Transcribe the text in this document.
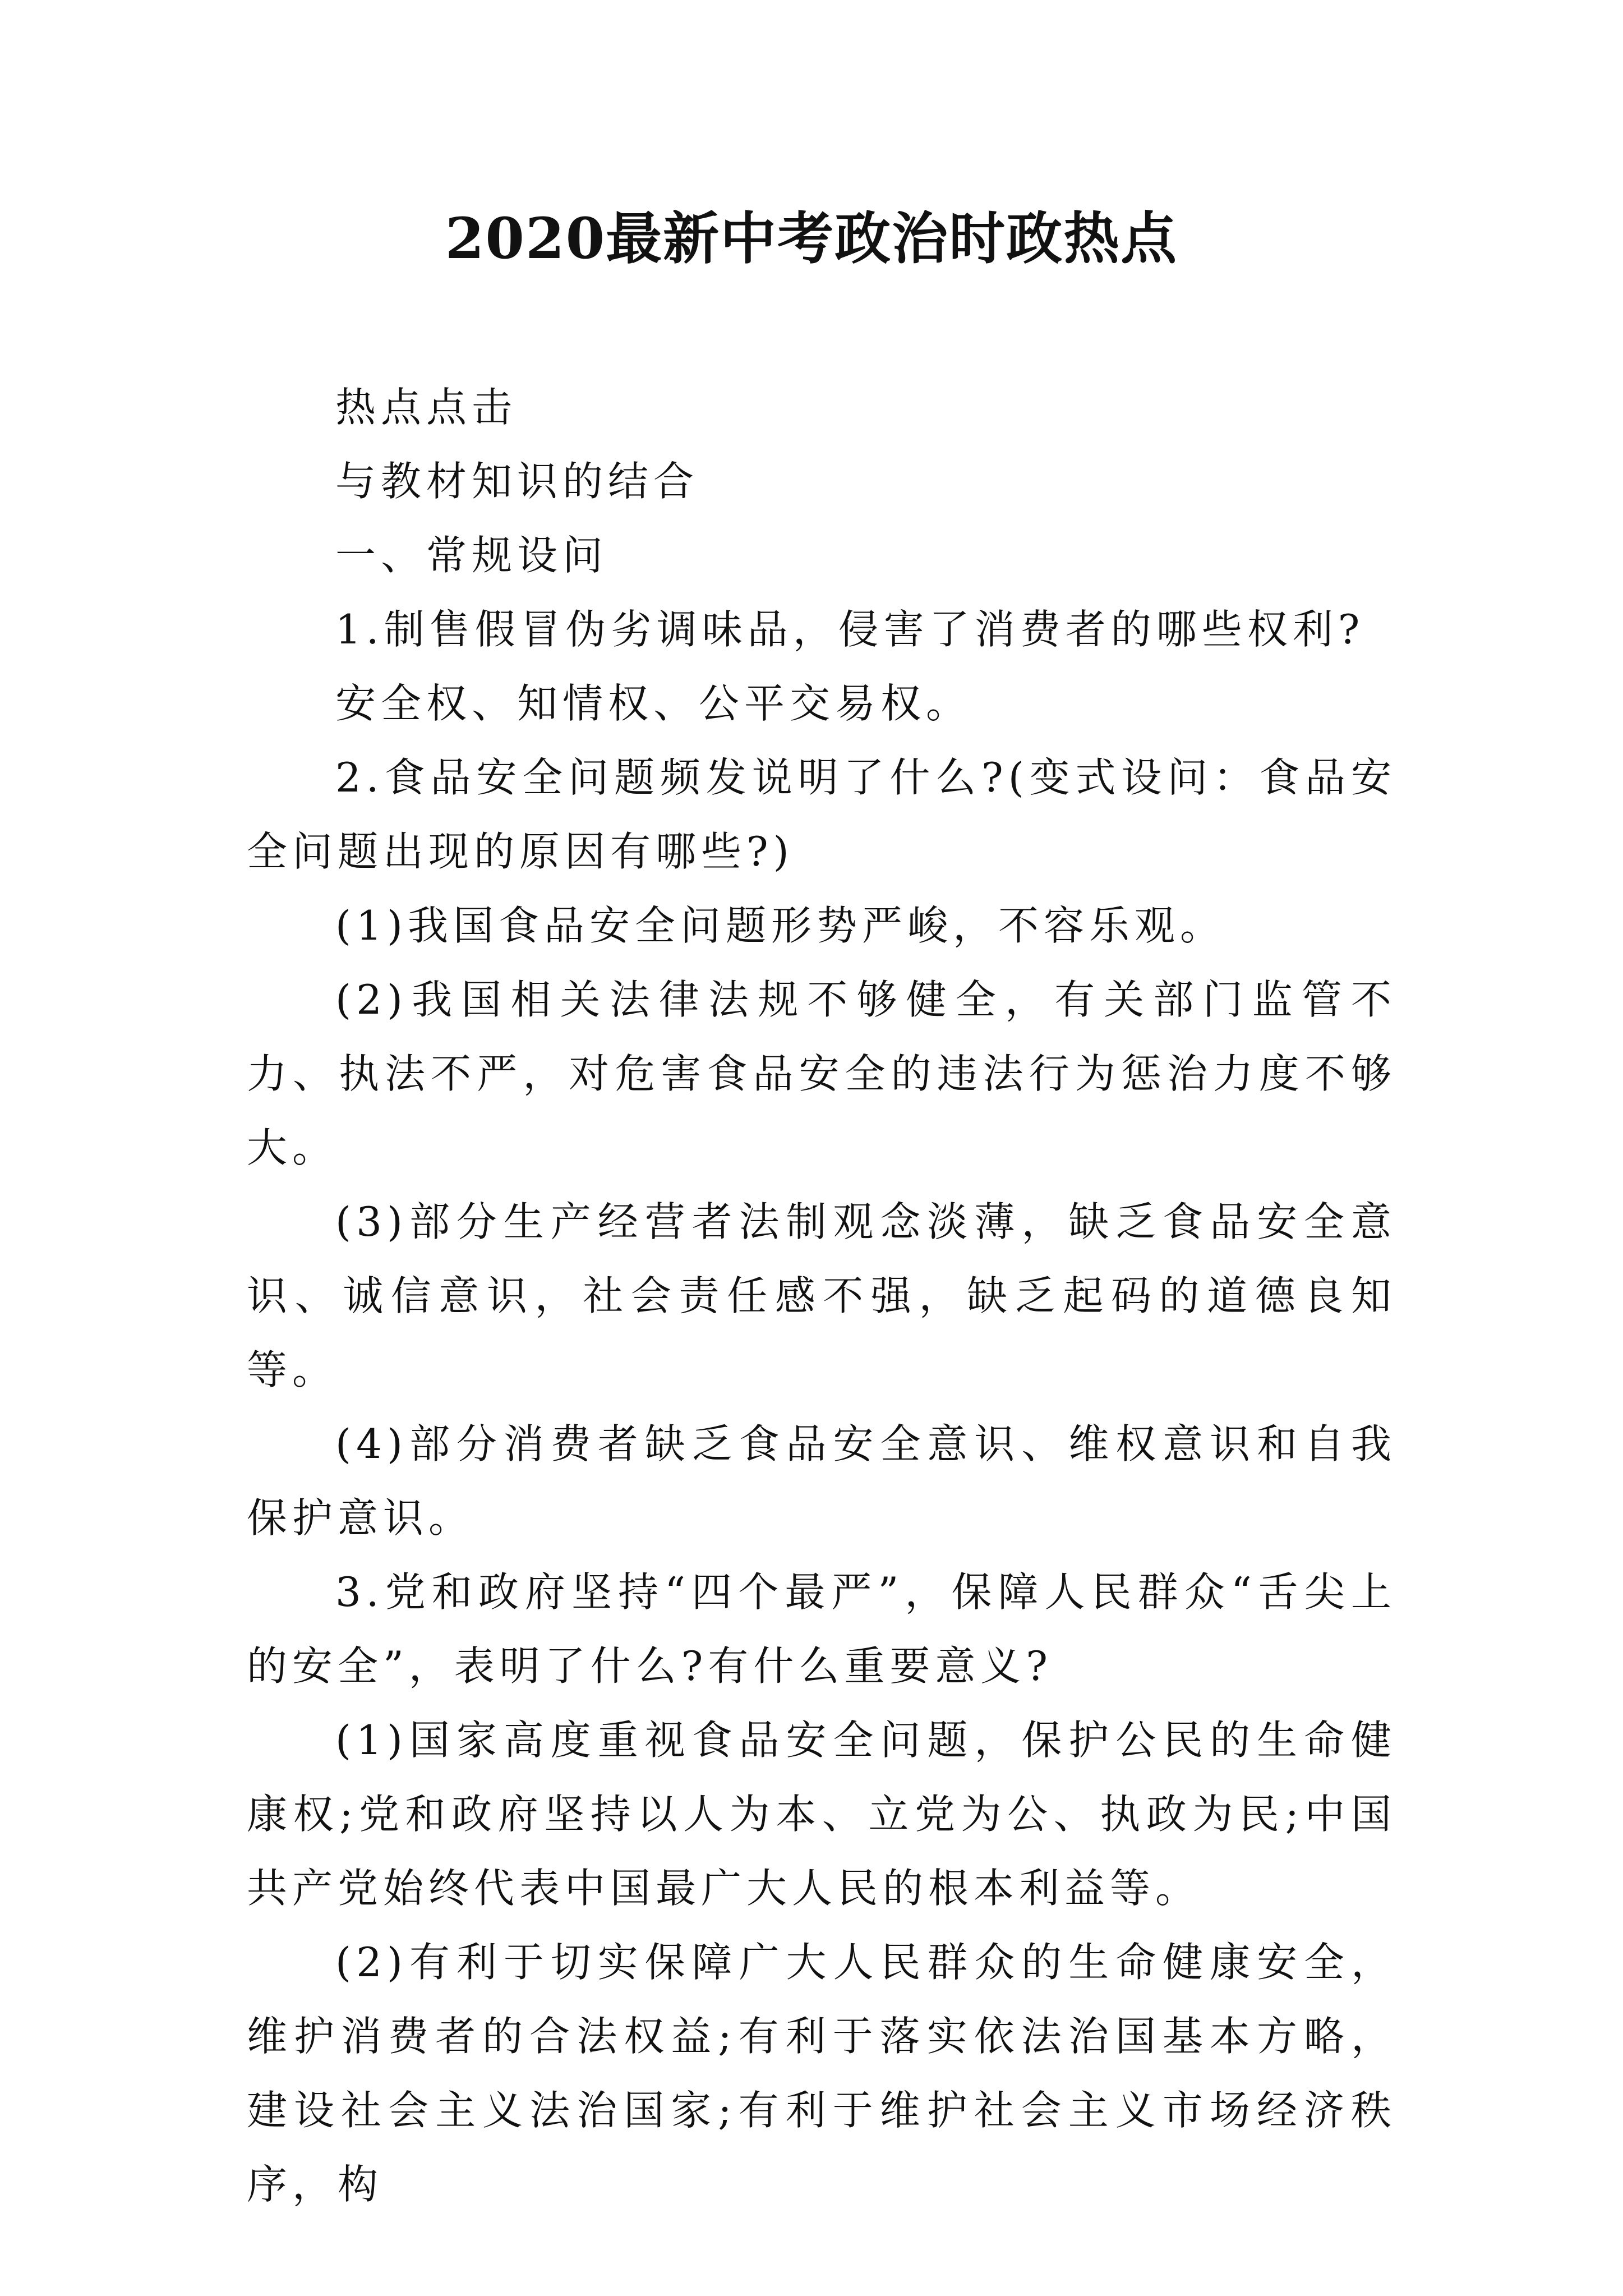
2020最新中考政治时政热点

热点点击

与教材知识的结合

一、常规设问

1.制售假冒伪劣调味品，侵害了消费者的哪些权利?

安全权、知情权、公平交易权。

2.食品安全问题频发说明了什么?(变式设问：食品安全问题出现的原因有哪些?)

(1)我国食品安全问题形势严峻，不容乐观。

(2)我国相关法律法规不够健全，有关部门监管不力、执法不严，对危害食品安全的违法行为惩治力度不够大。

(3)部分生产经营者法制观念淡薄，缺乏食品安全意识、诚信意识，社会责任感不强，缺乏起码的道德良知等。

(4)部分消费者缺乏食品安全意识、维权意识和自我保护意识。

3.党和政府坚持“四个最严”，保障人民群众“舌尖上的安全”，表明了什么?有什么重要意义?

(1)国家高度重视食品安全问题，保护公民的生命健康权;党和政府坚持以人为本、立党为公、执政为民;中国共产党始终代表中国最广大人民的根本利益等。

(2)有利于切实保障广大人民群众的生命健康安全，维护消费者的合法权益;有利于落实依法治国基本方略，建设社会主义法治国家;有利于维护社会主义市场经济秩序，构
